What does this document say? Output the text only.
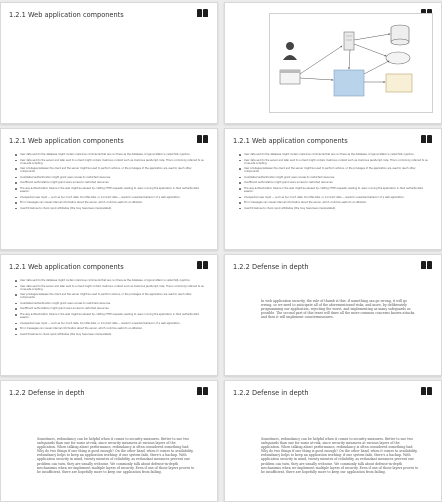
1.2.1 Web application components
1.2.1 Web application components
User data sent to the database might contain malicious commands that are run there as the database. A typical attack is called SQL injection.
User data sent to the server and later sent to a client might contain malicious content such as malicious JavaScript code. This is commonly referred to as cross-site scripting.
User privileges between the client and the server might be used to perform actions, or the privileges of the application are used to reach other components.
Invalidated authentication might grant users access to restricted resources.
Insufficient authorization might grant users access to restricted resources.
The way authentication tokens in the web might be abused by crafting HTTP requests, leading to users running the application in their authenticated session.
Unexpected user input — such as too much data, too little data, or incorrect data — leads to unwanted behavior of a web application.
Error messages can reveal internal information about the server, which could be useful to an attacker.
Insert timelines to check quick attributes (this may have been manipulated).
1.2.1 Web application components
User data sent to the database might contain malicious commands that are run there as the database. A typical attack is called SQL injection.
User data sent to the server and later sent to a client might contain malicious content such as malicious JavaScript code. This is commonly referred to as cross-site scripting.
User privileges between the client and the server might be used to perform actions, or the privileges of the application are used to reach other components.
Invalidated authentication might grant users access to restricted resources.
Insufficient authorization might grant users access to restricted resources.
The way authentication tokens in the web might be abused by crafting HTTP requests, leading to users running the application in their authenticated session.
Unexpected user input — such as too much data, too little data, or incorrect data — leads to unwanted behavior of a web application.
Error messages can reveal internal information about the server, which could be useful to an attacker.
Insert timelines to check quick attributes (this may have been manipulated).
1.2.1 Web application components
User data sent to the database might contain malicious commands that are run there as the database. A typical attack is called SQL injection.
User data sent to the server and later sent to a client might contain malicious content such as malicious JavaScript code. This is commonly referred to as cross-site scripting.
User privileges between the client and the server might be used to perform actions, or the privileges of the application are used to reach other components.
Invalidated authentication might grant users access to restricted resources.
Insufficient authorization might grant users access to restricted resources.
The way authentication tokens in the web might be abused by crafting HTTP requests, leading to users running the application in their authenticated session.
Unexpected user input — such as too much data, too little data, or incorrect data — leads to unwanted behavior of a web application.
Error messages can reveal internal information about the server, which could be useful to an attacker.
Insert timelines to check quick attributes (this may have been manipulated).
1.2.2 Defense in depth

In web application security, the rule of thumb is this: if something can go wrong, it will go wrong, so we need to anticipate all of the aforementioned risks, and more, by deliberately programming our application, rejecting the worst, and implementing as many safeguards as possible. The second part of this tenet will draw all the more common concerns known attacks, and then it will implement countermeasures.

1.2.2 Defense in depth

Sometimes, redundancy can be helpful when it comes to security measures. Better to use two safeguards than one for some at-risk, since security measures at various layers of the application. When talking about performance, redundancy is often considered something bad. Why do two things if one thing is good enough? On the other hand, when it comes to availability, redundancy helps to keep an application working: if one system fails, there's a backup. With application security in mind, twenty minutes of reliability, as redundant measures prevent one problem can turn, they are usually welcome. We commonly talk about defense-in-depth mechanisms when we implement multiple layers of security. Even if one of those layers proves to be insufficient, there are hopefully more to keep our application from failing.

1.2.2 Defense in depth

Sometimes, redundancy can be helpful when it comes to security measures. Better to use two safeguards than one for some at-risk, since security measures at various layers of the application. When talking about performance, redundancy is often considered something bad. Why do two things if one thing is good enough? On the other hand, when it comes to availability, redundancy helps to keep an application working: if one system fails, there's a backup. With application security in mind, twenty minutes of reliability, as redundant measures prevent one problem can turn, they are usually welcome. We commonly talk about defense-in-depth mechanisms when we implement multiple layers of security. Even if one of those layers proves to be insufficient, there are hopefully more to keep our application from failing.
